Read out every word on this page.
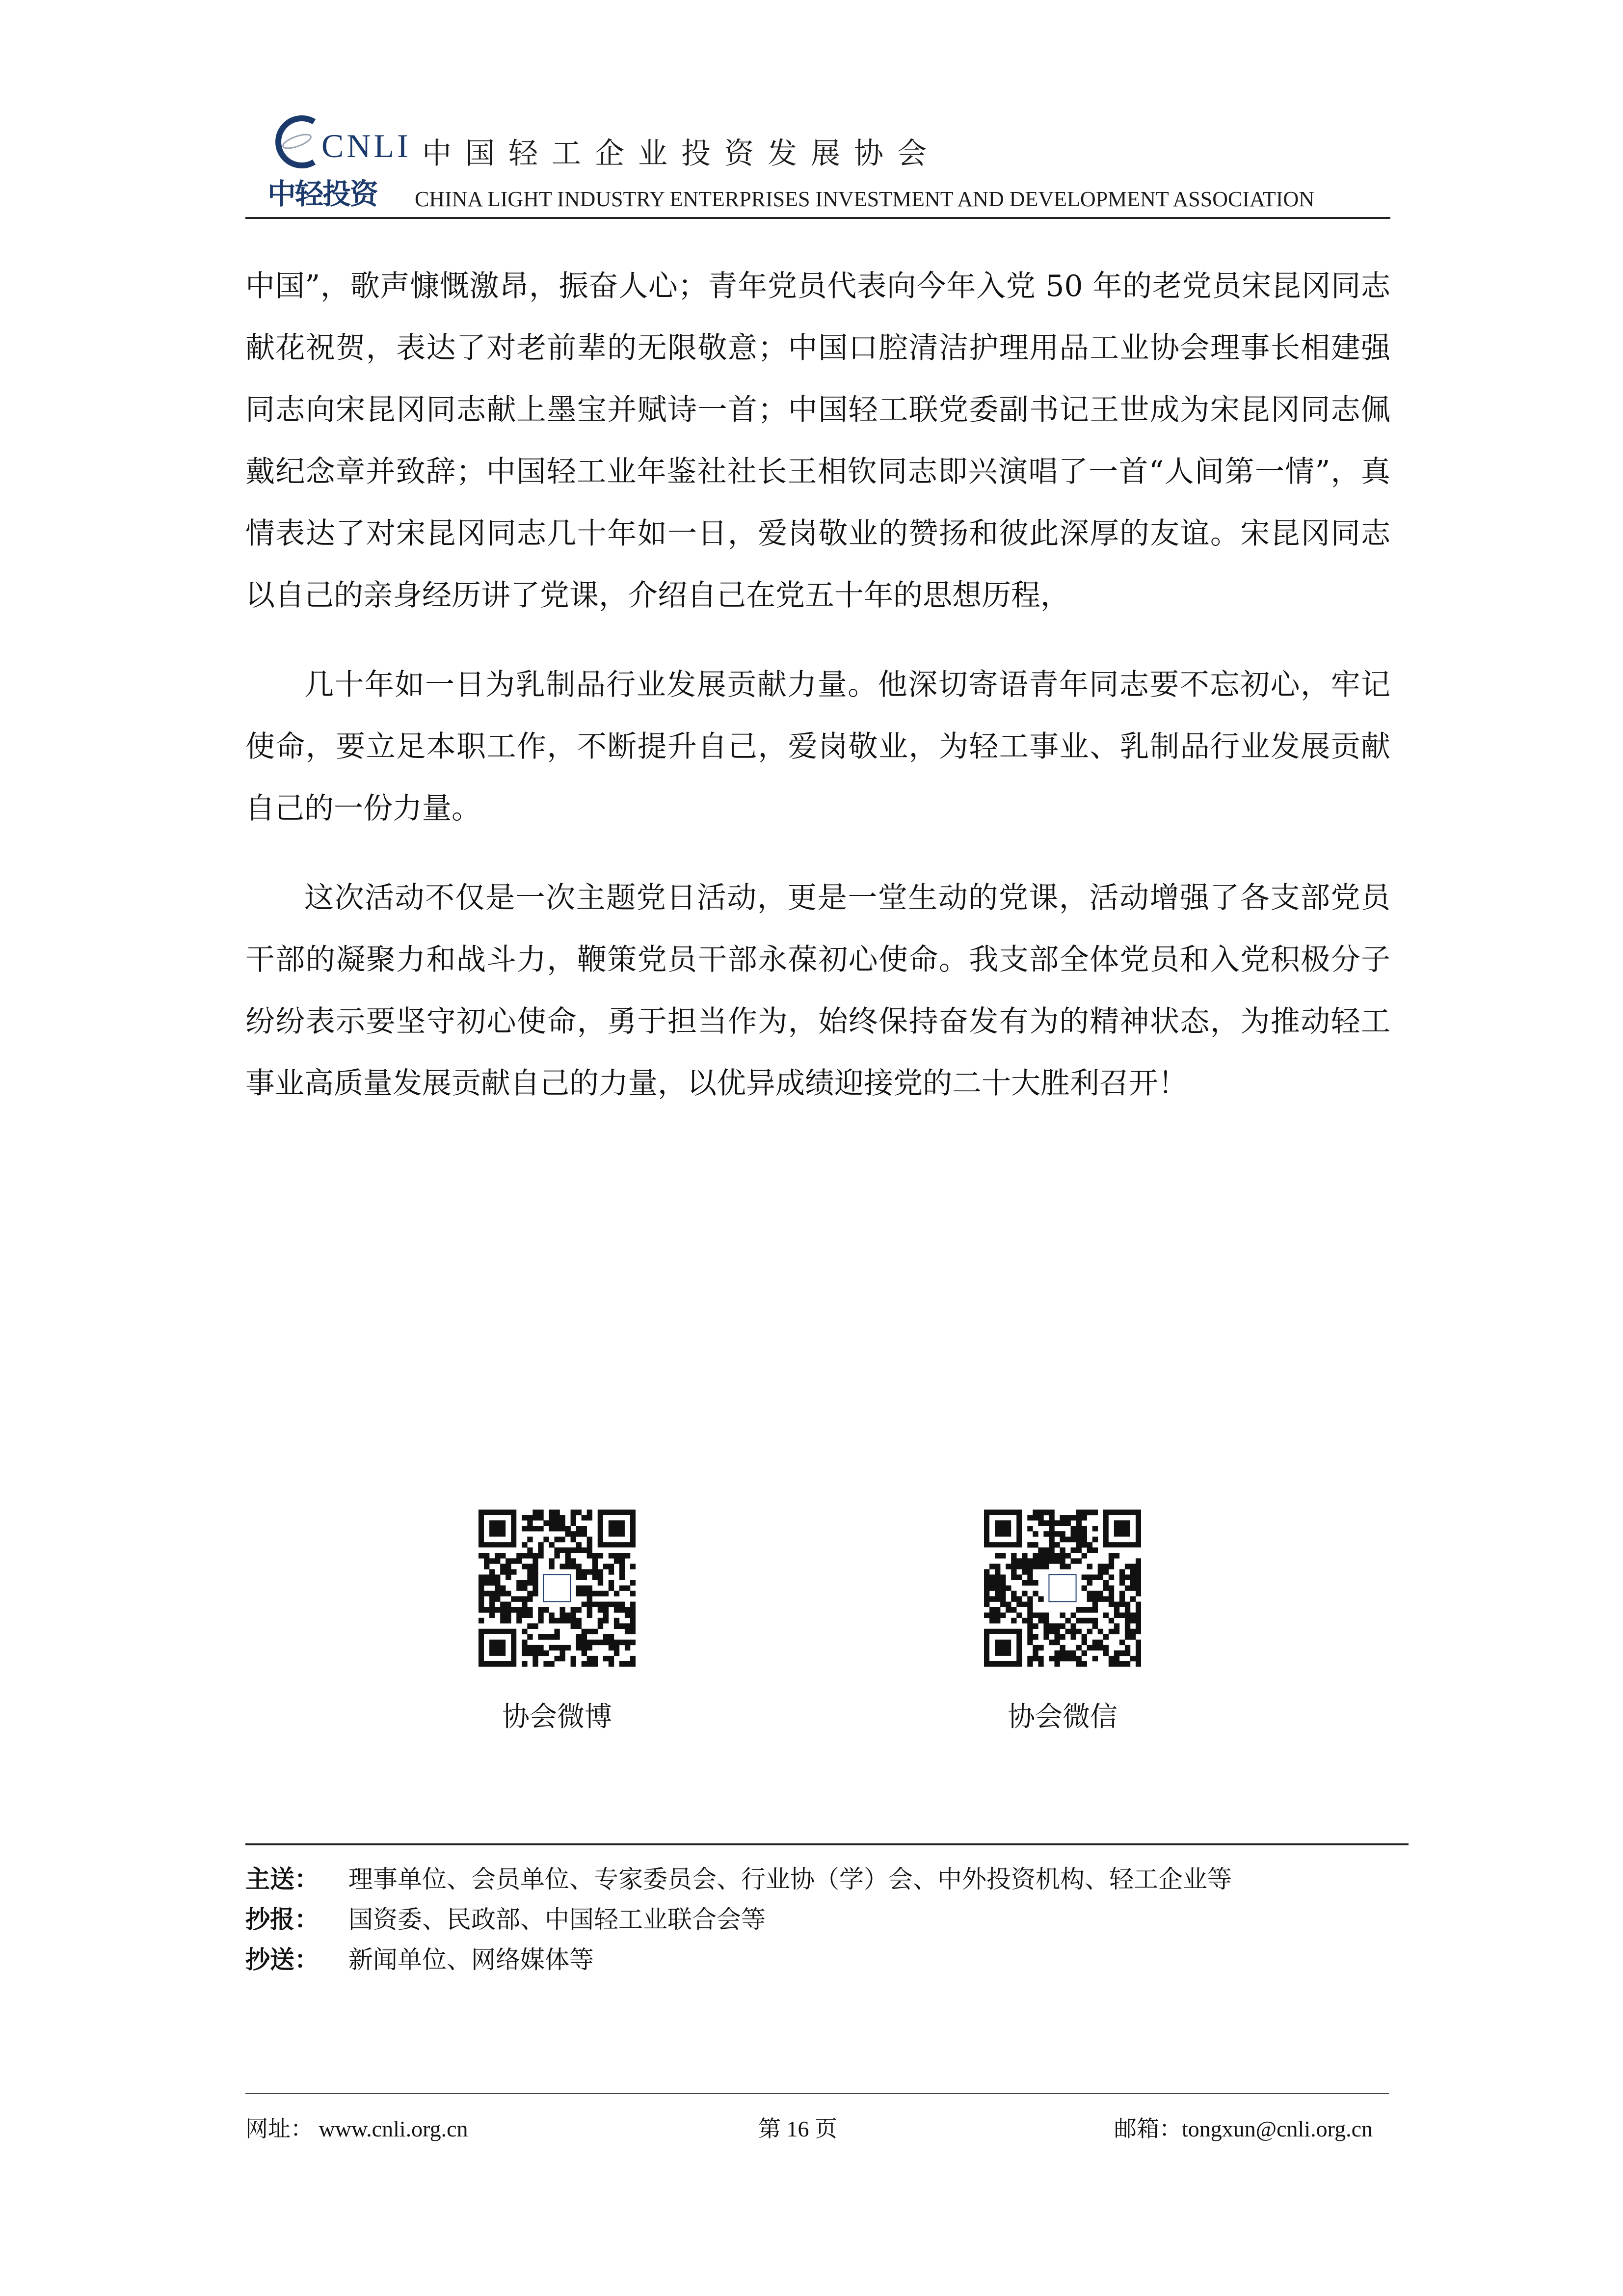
CNLI
中轻投资
中国轻工企业投资发展协会
CHINA LIGHT INDUSTRY ENTERPRISES INVESTMENT AND DEVELOPMENT ASSOCIATION

中国”，歌声慷慨激昂，振奋人心；青年党员代表向今年入党 50 年的老党员宋昆冈同志献花祝贺，表达了对老前辈的无限敬意；中国口腔清洁护理用品工业协会理事长相建强同志向宋昆冈同志献上墨宝并赋诗一首；中国轻工联党委副书记王世成为宋昆冈同志佩戴纪念章并致辞；中国轻工业年鉴社社长王相钦同志即兴演唱了一首“人间第一情”，真情表达了对宋昆冈同志几十年如一日，爱岗敬业的赞扬和彼此深厚的友谊。宋昆冈同志以自己的亲身经历讲了党课，介绍自己在党五十年的思想历程，

几十年如一日为乳制品行业发展贡献力量。他深切寄语青年同志要不忘初心，牢记使命，要立足本职工作，不断提升自己，爱岗敬业，为轻工事业、乳制品行业发展贡献自己的一份力量。

这次活动不仅是一次主题党日活动，更是一堂生动的党课，活动增强了各支部党员干部的凝聚力和战斗力，鞭策党员干部永葆初心使命。我支部全体党员和入党积极分子纷纷表示要坚守初心使命，勇于担当作为，始终保持奋发有为的精神状态，为推动轻工事业高质量发展贡献自己的力量，以优异成绩迎接党的二十大胜利召开！

协会微博	协会微信
主送： 理事单位、会员单位、专家委员会、行业协（学）会、中外投资机构、轻工企业等
抄报： 国资委、民政部、中国轻工业联合会等
抄送： 新闻单位、网络媒体等
网址： www.cnli.org.cn	第 16 页	邮箱：tongxun@cnli.org.cn
